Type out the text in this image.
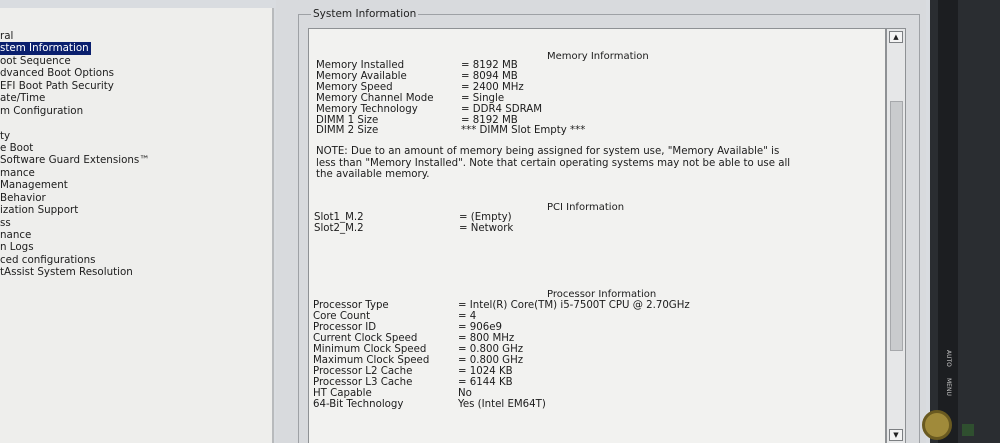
ral
stem Information
oot Sequence
dvanced Boot Options
EFI Boot Path Security
ate/Time
m Configuration
ty
e Boot
Software Guard Extensions™
mance
Management
Behavior
ization Support
ss
nance
n Logs
ced configurations
tAssist System Resolution
System Information
Memory Information
Memory Installed	= 8192 MB
Memory Available	= 8094 MB
Memory Speed	= 2400 MHz
Memory Channel Mode	= Single
Memory Technology	= DDR4 SDRAM
DIMM 1 Size	= 8192 MB
DIMM 2 Size	*** DIMM Slot Empty ***
NOTE: Due to an amount of memory being assigned for system use, "Memory Available" is less than "Memory Installed". Note that certain operating systems may not be able to use all the available memory.
PCI Information
Slot1_M.2	= (Empty)
Slot2_M.2	= Network
Processor Information
Processor Type	= Intel(R) Core(TM) i5-7500T CPU @ 2.70GHz
Core Count	= 4
Processor ID	= 906e9
Current Clock Speed	= 800 MHz
Minimum Clock Speed	= 0.800 GHz
Maximum Clock Speed	= 0.800 GHz
Processor L2 Cache	= 1024 KB
Processor L3 Cache	= 6144 KB
HT Capable	No
64-Bit Technology	Yes (Intel EM64T)
▲
▼
AUTO
MENU
